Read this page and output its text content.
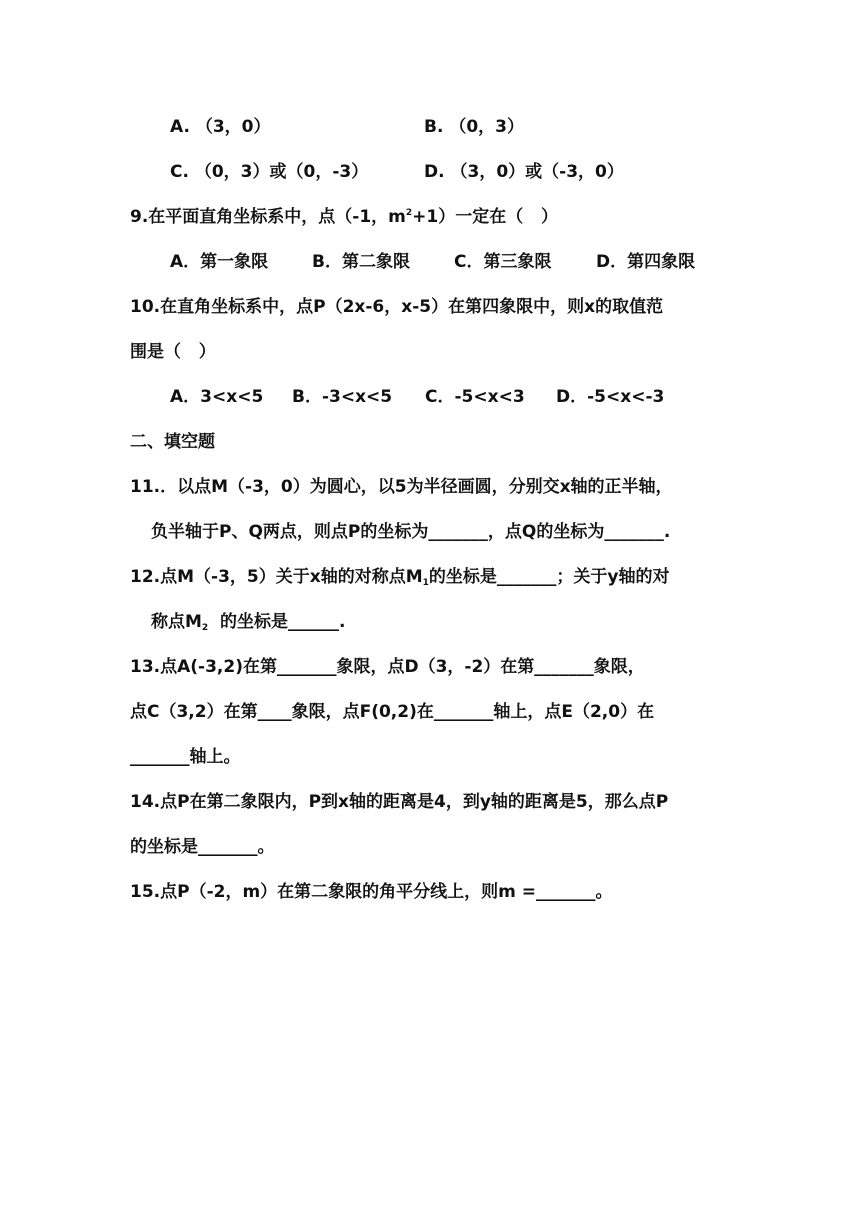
A. （3，0）	B. （0，3）
C. （0，3）或（0，-3）	D. （3，0）或（-3，0）
9.在平面直角坐标系中，点（-1，$m^2+1$）一定在（   ）
A．第一象限	B．第二象限	C．第三象限	D．第四象限
10.在直角坐标系中，点P（2x-6，x-5）在第四象限中，则x的取值范
围是（   ）
A．3<x<5 B．-3<x<5 C．-5<x<3 D．-5<x<-3
二、填空题
11.．以点M（-3，0）为圆心，以5为半径画圆，分别交x轴的正半轴，
负半轴于P、Q两点，则点P的坐标为_______，点Q的坐标为_______.
12.点M（-3，5）关于x轴的对称点$M_1$的坐标是_______；关于y轴的对
称点$M_2$  的坐标是______.
13.点A(-3,2)在第_______象限，点D（3，-2）在第_______象限，
点C（3,2）在第____象限，点F(0,2)在_______轴上，点E（2,0）在
_______轴上。
14.点P在第二象限内，P到x轴的距离是4，到y轴的距离是5，那么点P
的坐标是_______。
15.点P（-2，m）在第二象限的角平分线上，则m =_______。
